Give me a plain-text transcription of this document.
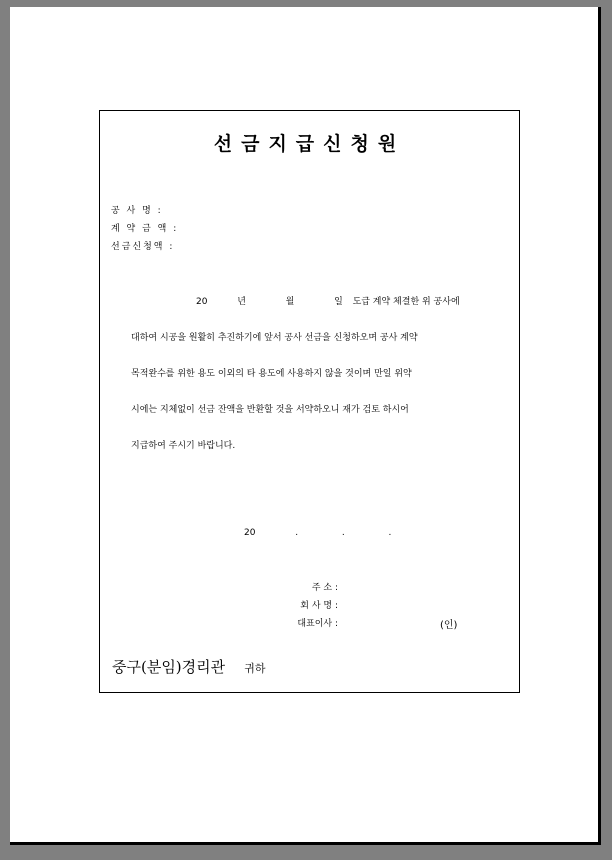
선금지급신청원
공 사 명 :
계 약 금 액 :
선금신청액 :
20	년	월	일 도급 계약 체결한 위 공사에
대하여 시공을 원활히 추진하기에 앞서 공사 선금을 신청하오며 공사 계약
목적완수를 위한 용도 이외의 타 용도에 사용하지 않을 것이며 만일 위약
시에는 지체없이 선금 잔액을 반환할 것을 서약하오니 재가 검토 하시어
지급하여 주시기 바랍니다.
20	.	.	.
주 소 :
회 사 명 :
대표이사 :	(인)
중구(분임)경리관 귀하
